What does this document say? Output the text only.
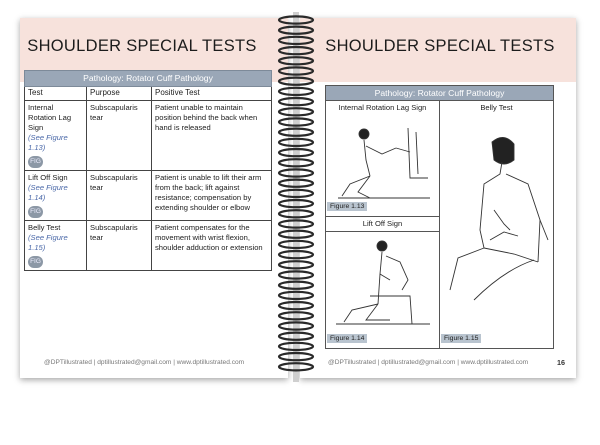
SHOULDER SPECIAL TESTS
Pathology: Rotator Cuff Pathology		
Test	Purpose	Positive Test

Internal Rotation Lag Sign
(See Figure 1.13)
FIG	Subscapularis tear	Patient unable to maintain position behind the back when hand is released

Lift Off Sign
(See Figure 1.14)
FIG	Subscapularis tear	Patient is unable to lift their arm from the back; lift against resistance; compensation by extending shoulder or elbow

Belly Test
(See Figure 1.15)
FIG	Subscapularis tear	Patient compensates for the movement with wrist flexion, shoulder adduction or extension
@DPTillustrated | dptillustrated@gmail.com | www.dptillustrated.com
SHOULDER SPECIAL TESTS
Pathology: Rotator Cuff Pathology
Internal Rotation Lag Sign	Belly Test
Lift Off Sign
Figure 1.13
Figure 1.14	Figure 1.15
@DPTillustrated | dptillustrated@gmail.com | www.dptillustrated.com	16
